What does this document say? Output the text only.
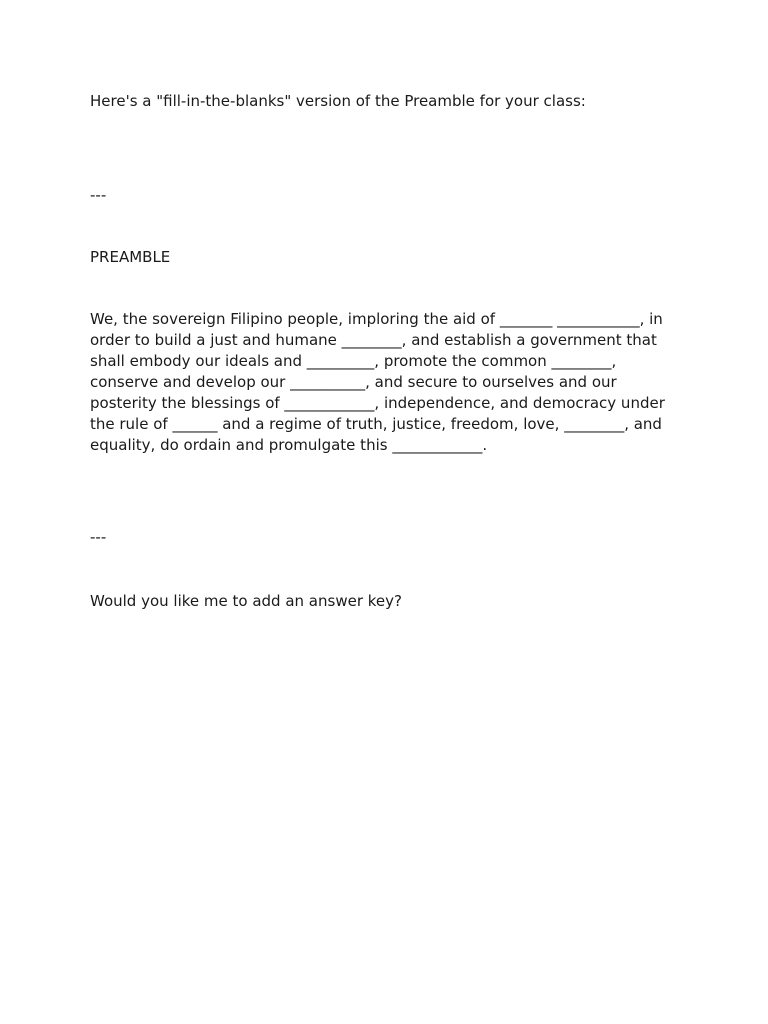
Here's a "fill-in-the-blanks" version of the Preamble for your class:

---

PREAMBLE

We, the sovereign Filipino people, imploring the aid of _______ ___________, in order to build a just and humane ________, and establish a government that shall embody our ideals and _________, promote the common ________, conserve and develop our __________, and secure to ourselves and our posterity the blessings of ____________, independence, and democracy under the rule of ______ and a regime of truth, justice, freedom, love, ________, and equality, do ordain and promulgate this ____________.

---

Would you like me to add an answer key?
